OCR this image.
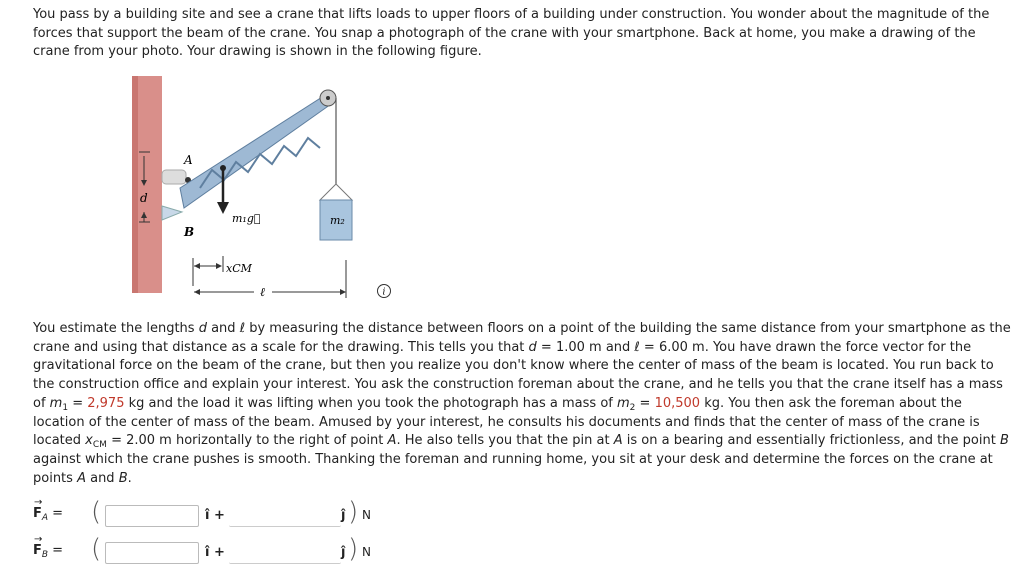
You pass by a building site and see a crane that lifts loads to upper floors of a building under construction. You wonder about the magnitude of the forces that support the beam of the crane. You snap a photograph of the crane with your smartphone. Back at home, you make a drawing of the crane from your photo. Your drawing is shown in the following figure.

d
m₂
m₁g⃗
A
B
xCM
ℓ	i

You estimate the lengths d and ℓ by measuring the distance between floors on a point of the building the same distance from your smartphone as the crane and using that distance as a scale for the drawing. This tells you that d = 1.00 m and ℓ = 6.00 m. You have drawn the force vector for the gravitational force on the beam of the crane, but then you realize you don't know where the center of mass of the beam is located. You run back to the construction office and explain your interest. You ask the construction foreman about the crane, and he tells you that the crane itself has a mass of $m_1 = 2,975$ kg and the load it was lifting when you took the photograph has a mass of $m_2 = 10,500$ kg. You then ask the foreman about the location of the center of mass of the beam. Amused by your interest, he consults his documents and finds that the center of mass of the crane is located $x_{CM} = 2.00$ m horizontally to the right of point A. He also tells you that the pin at A is on a bearing and essentially frictionless, and the point B against which the crane pushes is smooth. Thanking the foreman and running home, you sit at your desk and determine the forces on the crane at points A and B.

→
$F_A$ = (	î +	ĵ ) N
→
$F_B$ = (	î +	ĵ ) N
